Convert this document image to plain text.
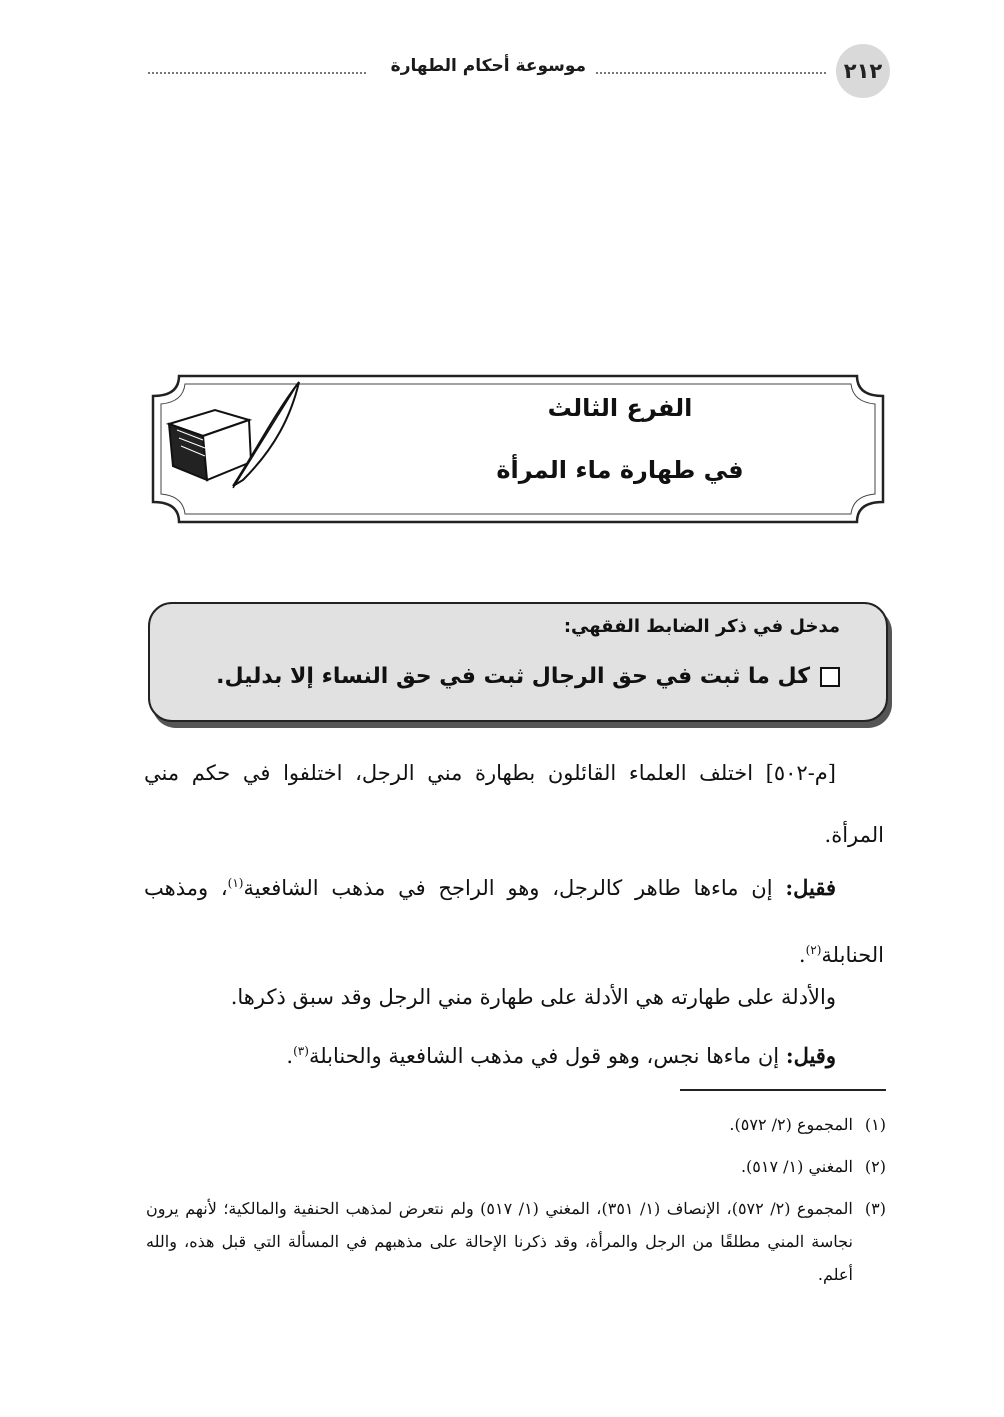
٢١٢
موسوعة أحكام الطهارة
الفرع الثالث
في طهارة ماء المرأة
مدخل في ذكر الضابط الفقهي:
كل ما ثبت في حق الرجال ثبت في حق النساء إلا بدليل.
[م-٥٠٢] اختلف العلماء القائلون بطهارة مني الرجل، اختلفوا في حكم مني المرأة.
فقيل: إن ماءها طاهر كالرجل، وهو الراجح في مذهب الشافعية$^{(١)}$، ومذهب الحنابلة$^{(٢)}$.
والأدلة على طهارته هي الأدلة على طهارة مني الرجل وقد سبق ذكرها.
وقيل: إن ماءها نجس، وهو قول في مذهب الشافعية والحنابلة$^{(٣)}$.
(١)
المجموع (٢/ ٥٧٢).
(٢)
المغني (١/ ٥١٧).
(٣)
المجموع (٢/ ٥٧٢)، الإنصاف (١/ ٣٥١)، المغني (١/ ٥١٧) ولم نتعرض لمذهب الحنفية والمالكية؛ لأنهم يرون نجاسة المني مطلقًا من الرجل والمرأة، وقد ذكرنا الإحالة على مذهبهم في المسألة التي قبل هذه، والله أعلم.
